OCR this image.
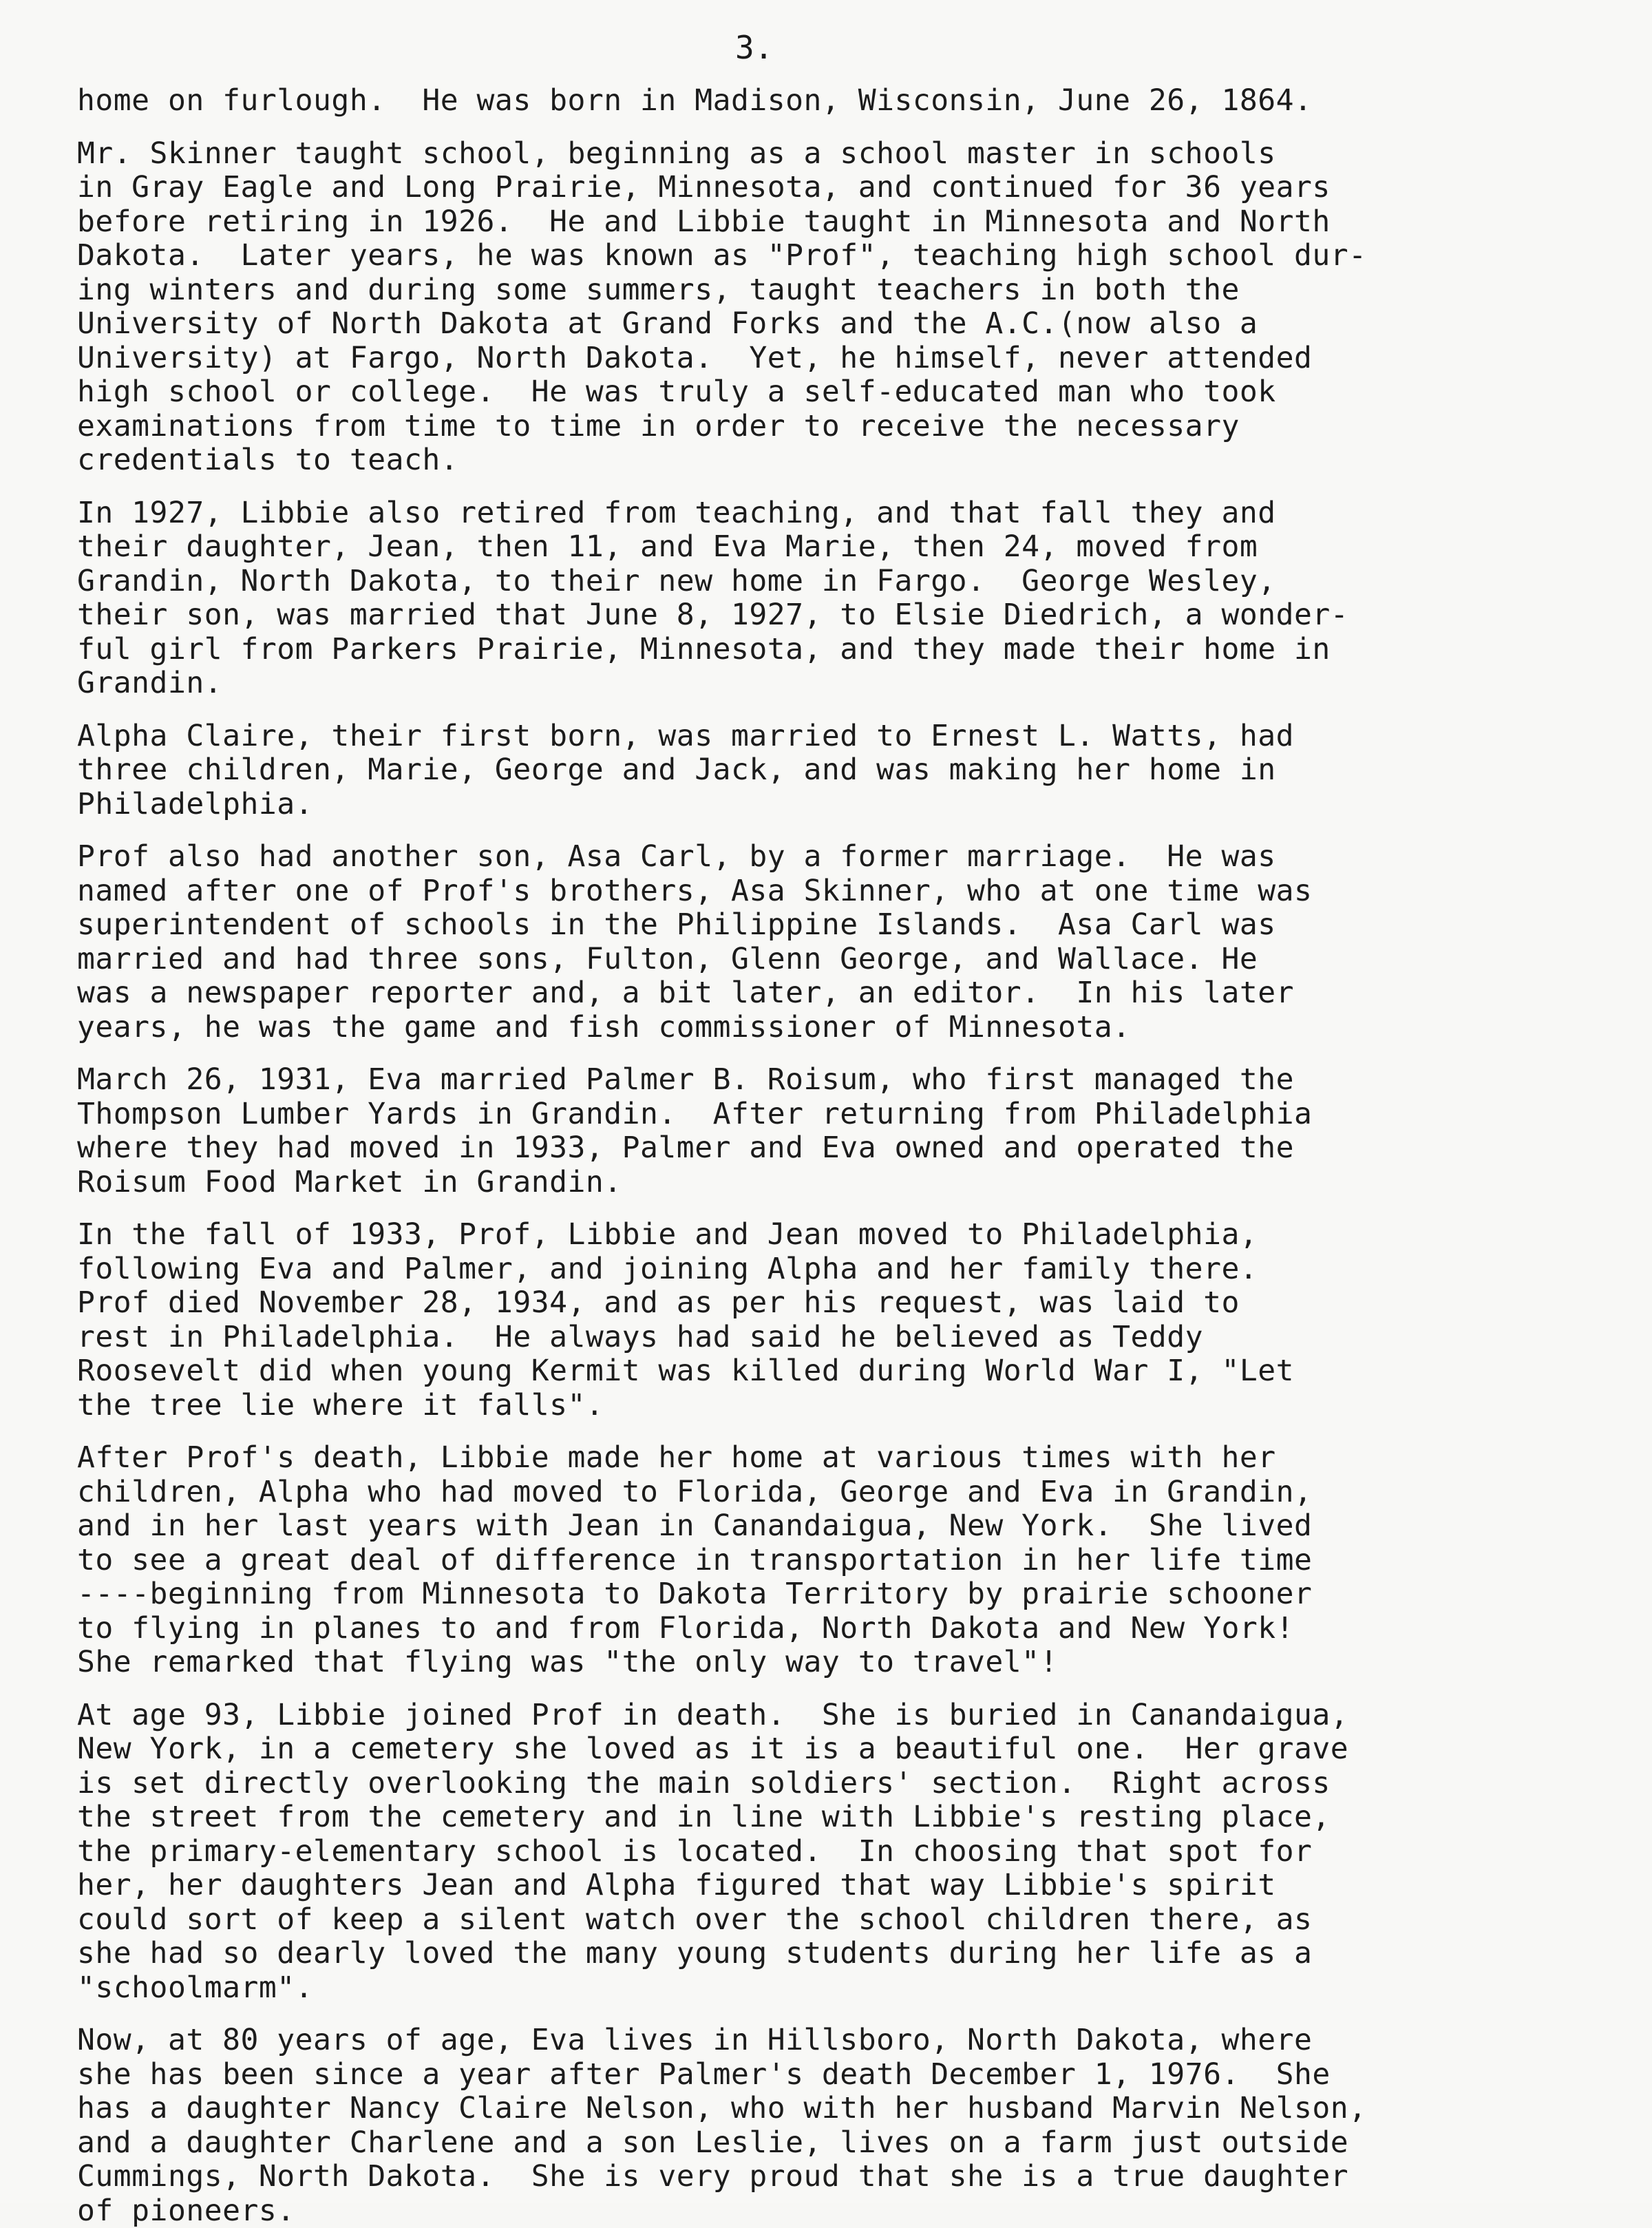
3.
home on furlough.  He was born in Madison, Wisconsin, June 26, 1864.
Mr. Skinner taught school, beginning as a school master in schools
in Gray Eagle and Long Prairie, Minnesota, and continued for 36 years
before retiring in 1926.  He and Libbie taught in Minnesota and North
Dakota.  Later years, he was known as "Prof", teaching high school dur-
ing winters and during some summers, taught teachers in both the
University of North Dakota at Grand Forks and the A.C.(now also a
University) at Fargo, North Dakota.  Yet, he himself, never attended
high school or college.  He was truly a self-educated man who took
examinations from time to time in order to receive the necessary
credentials to teach.
In 1927, Libbie also retired from teaching, and that fall they and
their daughter, Jean, then 11, and Eva Marie, then 24, moved from
Grandin, North Dakota, to their new home in Fargo.  George Wesley,
their son, was married that June 8, 1927, to Elsie Diedrich, a wonder-
ful girl from Parkers Prairie, Minnesota, and they made their home in
Grandin.
Alpha Claire, their first born, was married to Ernest L. Watts, had
three children, Marie, George and Jack, and was making her home in
Philadelphia.
Prof also had another son, Asa Carl, by a former marriage.  He was
named after one of Prof's brothers, Asa Skinner, who at one time was
superintendent of schools in the Philippine Islands.  Asa Carl was
married and had three sons, Fulton, Glenn George, and Wallace. He
was a newspaper reporter and, a bit later, an editor.  In his later
years, he was the game and fish commissioner of Minnesota.
March 26, 1931, Eva married Palmer B. Roisum, who first managed the
Thompson Lumber Yards in Grandin.  After returning from Philadelphia
where they had moved in 1933, Palmer and Eva owned and operated the
Roisum Food Market in Grandin.
In the fall of 1933, Prof, Libbie and Jean moved to Philadelphia,
following Eva and Palmer, and joining Alpha and her family there.
Prof died November 28, 1934, and as per his request, was laid to
rest in Philadelphia.  He always had said he believed as Teddy
Roosevelt did when young Kermit was killed during World War I, "Let
the tree lie where it falls".
After Prof's death, Libbie made her home at various times with her
children, Alpha who had moved to Florida, George and Eva in Grandin,
and in her last years with Jean in Canandaigua, New York.  She lived
to see a great deal of difference in transportation in her life time
----beginning from Minnesota to Dakota Territory by prairie schooner
to flying in planes to and from Florida, North Dakota and New York!
She remarked that flying was "the only way to travel"!
At age 93, Libbie joined Prof in death.  She is buried in Canandaigua,
New York, in a cemetery she loved as it is a beautiful one.  Her grave
is set directly overlooking the main soldiers' section.  Right across
the street from the cemetery and in line with Libbie's resting place,
the primary-elementary school is located.  In choosing that spot for
her, her daughters Jean and Alpha figured that way Libbie's spirit
could sort of keep a silent watch over the school children there, as
she had so dearly loved the many young students during her life as a
"schoolmarm".
Now, at 80 years of age, Eva lives in Hillsboro, North Dakota, where
she has been since a year after Palmer's death December 1, 1976.  She
has a daughter Nancy Claire Nelson, who with her husband Marvin Nelson,
and a daughter Charlene and a son Leslie, lives on a farm just outside
Cummings, North Dakota.  She is very proud that she is a true daughter
of pioneers.
